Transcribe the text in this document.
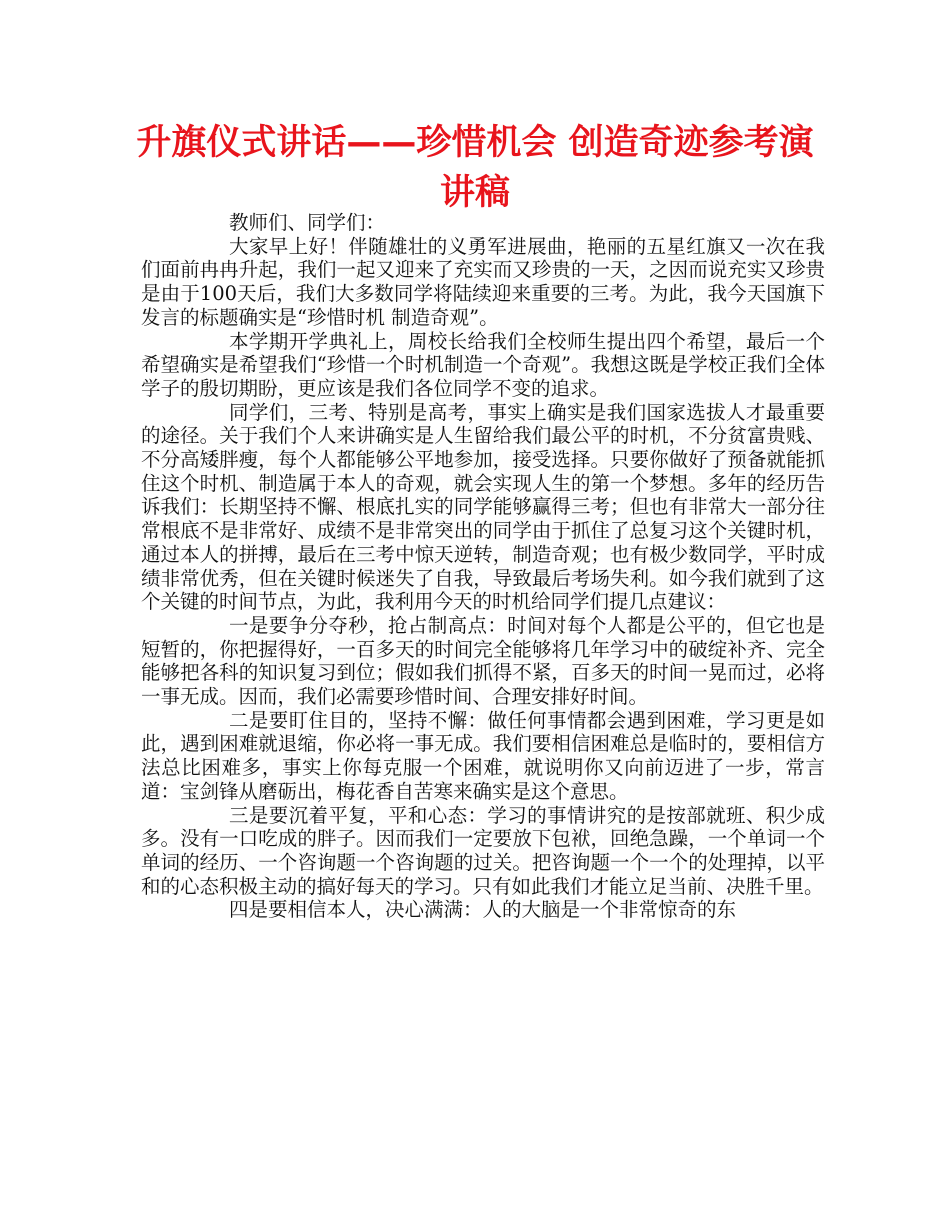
升旗仪式讲话——珍惜机会 创造奇迹参考演讲稿

教师们、同学们：

大家早上好！伴随雄壮的义勇军进展曲，艳丽的五星红旗又一次在我们面前冉冉升起，我们一起又迎来了充实而又珍贵的一天，之因而说充实又珍贵是由于100天后，我们大多数同学将陆续迎来重要的三考。为此，我今天国旗下发言的标题确实是“珍惜时机 制造奇观”。

本学期开学典礼上，周校长给我们全校师生提出四个希望，最后一个希望确实是希望我们“珍惜一个时机制造一个奇观”。我想这既是学校正我们全体学子的殷切期盼，更应该是我们各位同学不变的追求。

同学们，三考、特别是高考，事实上确实是我们国家选拔人才最重要的途径。关于我们个人来讲确实是人生留给我们最公平的时机，不分贫富贵贱、不分高矮胖瘦，每个人都能够公平地参加，接受选择。只要你做好了预备就能抓住这个时机、制造属于本人的奇观，就会实现人生的第一个梦想。多年的经历告诉我们：长期坚持不懈、根底扎实的同学能够赢得三考；但也有非常大一部分往常根底不是非常好、成绩不是非常突出的同学由于抓住了总复习这个关键时机，通过本人的拼搏，最后在三考中惊天逆转，制造奇观；也有极少数同学，平时成绩非常优秀，但在关键时候迷失了自我，导致最后考场失利。如今我们就到了这个关键的时间节点，为此，我利用今天的时机给同学们提几点建议：

一是要争分夺秒，抢占制高点：时间对每个人都是公平的，但它也是短暂的，你把握得好，一百多天的时间完全能够将几年学习中的破绽补齐、完全能够把各科的知识复习到位；假如我们抓得不紧，百多天的时间一晃而过，必将一事无成。因而，我们必需要珍惜时间、合理安排好时间。

二是要盯住目的，坚持不懈：做任何事情都会遇到困难，学习更是如此，遇到困难就退缩，你必将一事无成。我们要相信困难总是临时的，要相信方法总比困难多，事实上你每克服一个困难，就说明你又向前迈进了一步，常言道：宝剑锋从磨砺出，梅花香自苦寒来确实是这个意思。

三是要沉着平复，平和心态：学习的事情讲究的是按部就班、积少成多。没有一口吃成的胖子。因而我们一定要放下包袱，回绝急躁，一个单词一个单词的经历、一个咨询题一个咨询题的过关。把咨询题一个一个的处理掉，以平和的心态积极主动的搞好每天的学习。只有如此我们才能立足当前、决胜千里。

四是要相信本人，决心满满：人的大脑是一个非常惊奇的东
